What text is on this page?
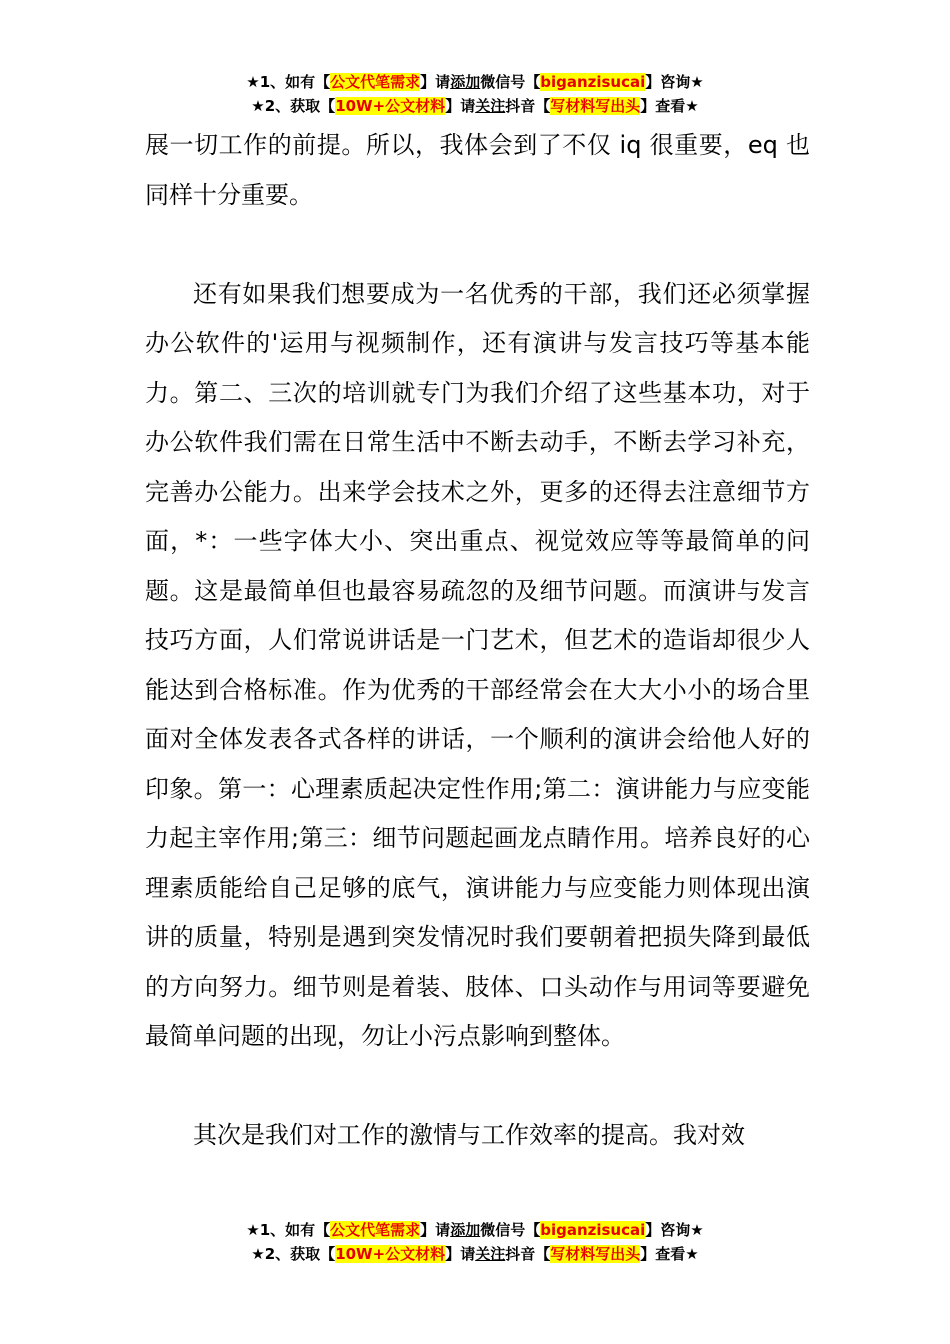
★1、如有【公文代笔需求】请添加微信号【biganzisucai】咨询★
★2、获取【10W+公文材料】请关注抖音【写材料写出头】查看★

展一切工作的前提。所以，我体会到了不仅 iq 很重要，eq 也同样十分重要。

还有如果我们想要成为一名优秀的干部，我们还必须掌握办公软件的'运用与视频制作，还有演讲与发言技巧等基本能力。第二、三次的培训就专门为我们介绍了这些基本功，对于办公软件我们需在日常生活中不断去动手，不断去学习补充，完善办公能力。出来学会技术之外，更多的还得去注意细节方面，*：一些字体大小、突出重点、视觉效应等等最简单的问题。这是最简单但也最容易疏忽的及细节问题。而演讲与发言技巧方面，人们常说讲话是一门艺术，但艺术的造诣却很少人能达到合格标准。作为优秀的干部经常会在大大小小的场合里面对全体发表各式各样的讲话，一个顺利的演讲会给他人好的印象。第一：心理素质起决定性作用;第二：演讲能力与应变能力起主宰作用;第三：细节问题起画龙点睛作用。培养良好的心理素质能给自己足够的底气，演讲能力与应变能力则体现出演讲的质量，特别是遇到突发情况时我们要朝着把损失降到最低的方向努力。细节则是着装、肢体、口头动作与用词等要避免最简单问题的出现，勿让小污点影响到整体。

其次是我们对工作的激情与工作效率的提高。我对效

★1、如有【公文代笔需求】请添加微信号【biganzisucai】咨询★
★2、获取【10W+公文材料】请关注抖音【写材料写出头】查看★
